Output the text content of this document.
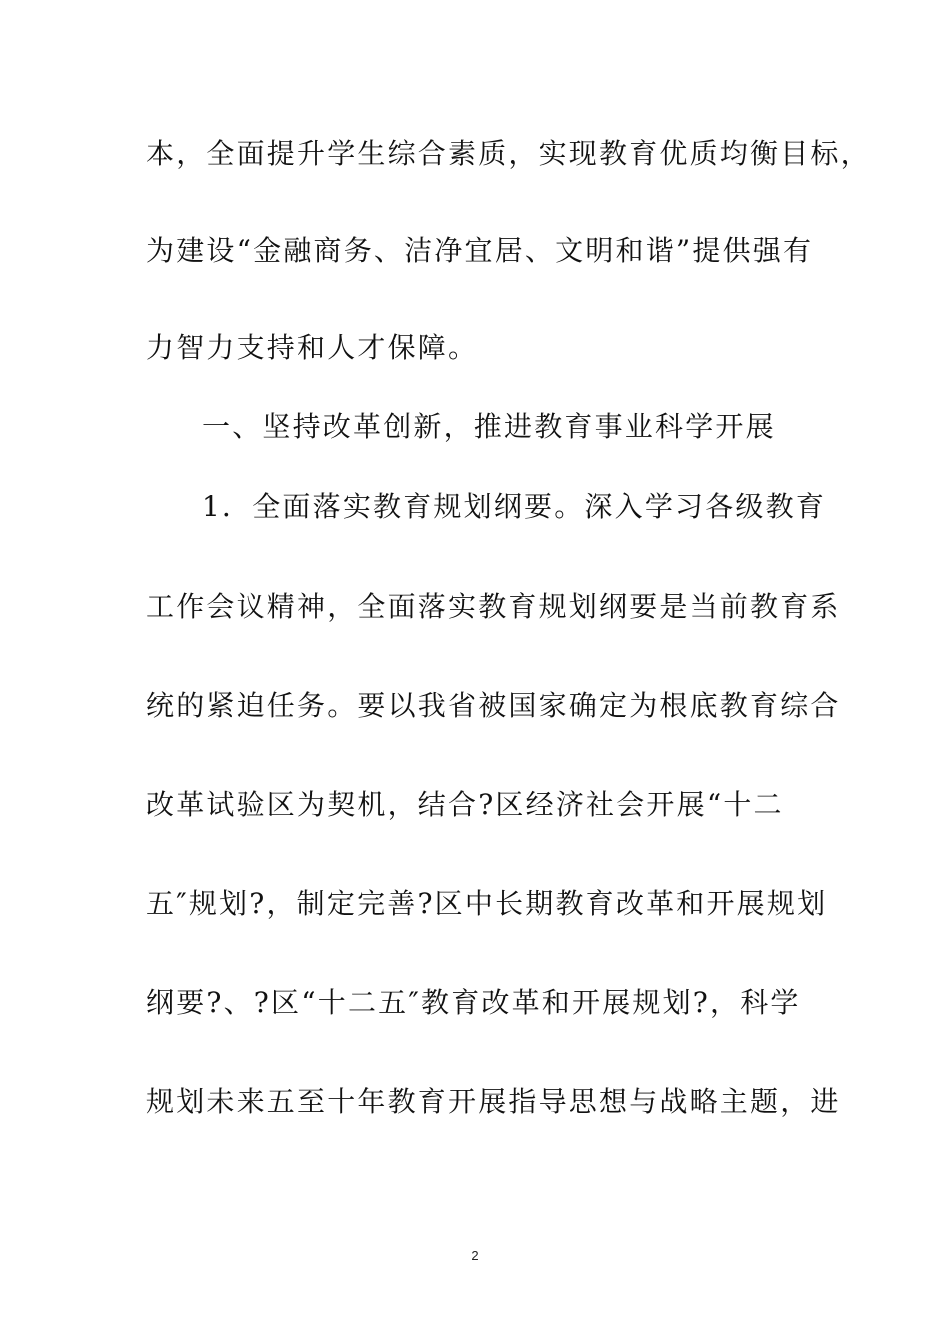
本，全面提升学生综合素质，实现教育优质均衡目标，
为建设“金融商务、洁净宜居、文明和谐”提供强有
力智力支持和人才保障。
一、坚持改革创新，推进教育事业科学开展
1．全面落实教育规划纲要。深入学习各级教育
工作会议精神，全面落实教育规划纲要是当前教育系
统的紧迫任务。要以我省被国家确定为根底教育综合
改革试验区为契机，结合?区经济社会开展“十二
五″规划?，制定完善?区中长期教育改革和开展规划
纲要?、?区“十二五″教育改革和开展规划?，科学
规划未来五至十年教育开展指导思想与战略主题，进
2
